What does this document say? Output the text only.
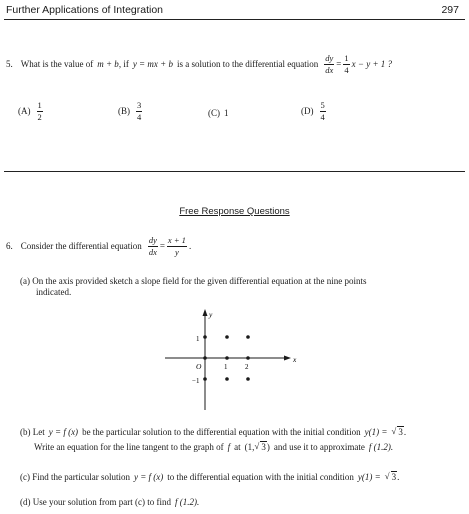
Further Applications of Integration	297
5. What is the value of m + b , if y = mx + b is a solution to the differential equation $\frac{dy}{dx} = \frac{1}{4}$ x − y + 1 ?
$(A) \frac{1}{2}$	$(B) \frac{3}{4}$	(C) 1	$(D) \frac{5}{4}$
Free Response Questions
6. Consider the differential equation $\frac{dy}{dx} = \frac{x + 1}{y}$ .
(a) On the axis provided sketch a slope field for the given differential equation at the nine points
indicated.
y
x
O	1	2
1
−1
(b) Let y = f (x) be the particular solution to the differential equation with the initial condition y(1) = √ 3 .
Write an equation for the line tangent to the graph of f at (1, √ 3 ) and use it to approximate f (1.2).
(c) Find the particular solution y = f (x) to the differential equation with the initial condition y(1) = √ 3 .
(d) Use your solution from part (c) to find f (1.2).
